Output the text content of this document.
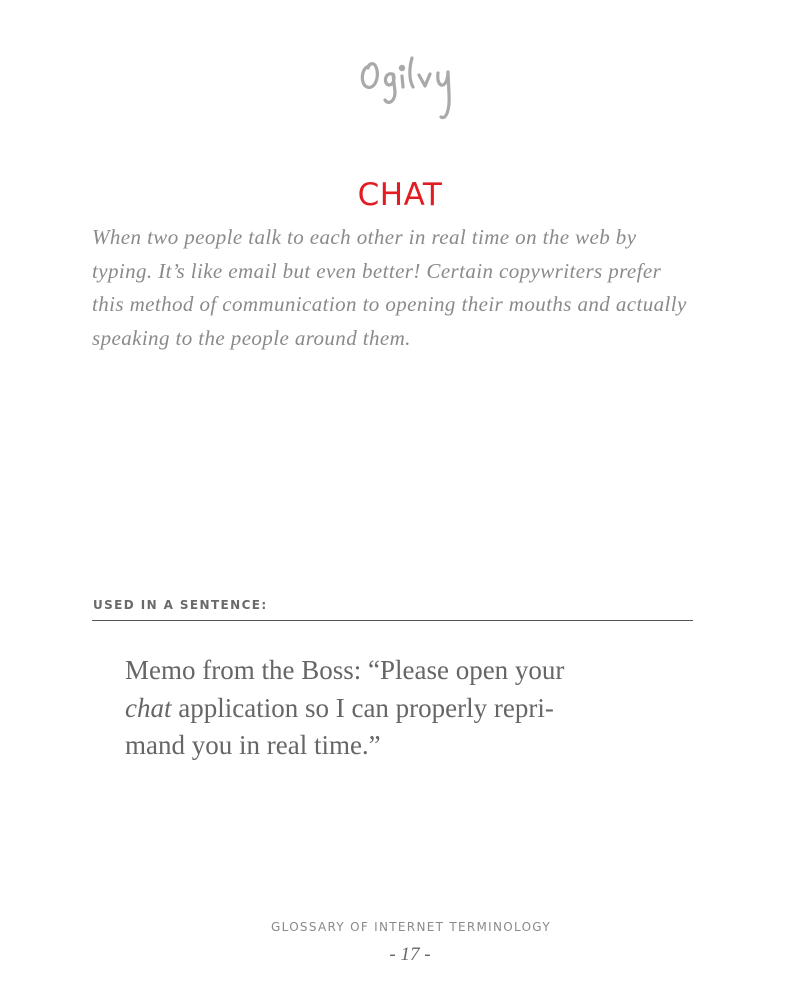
CHAT

When two people talk to each other in real time on the web by
typing. It’s like email but even better! Certain copywriters prefer
this method of communication to opening their mouths and actually
speaking to the people around them.

USED IN A SENTENCE:

Memo from the Boss: “Please open your
chat application so I can properly repri-
mand you in real time.”

GLOSSARY OF INTERNET TERMINOLOGY
- 17 -
